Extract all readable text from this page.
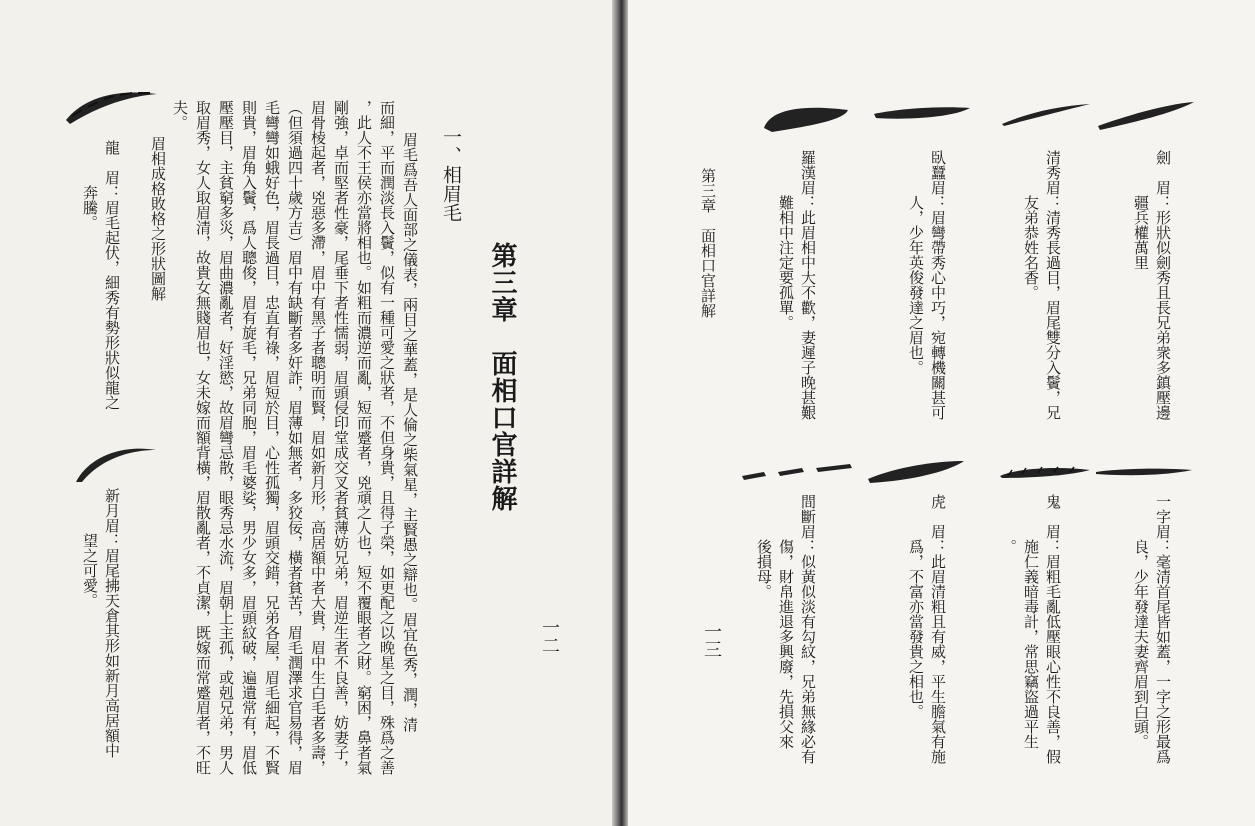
第三章　面相口官詳解
一、相眉毛
一二
眉毛爲吾人面部之儀表，兩目之華蓋，是人倫之柴氣星，主賢愚之辯也。眉宜色秀，潤，清
而細，平而潤淡長入鬢，似有一種可愛之狀者，不但身貴，且得子榮，如更配之以晚星之目，殊爲之善
，此人不王侯亦當將相也。如粗而濃逆而亂，短而蹙者，兇頑之人也，短不覆眼者之財。窮困，鼻者氣
剛強，卓而堅者性豪，尾垂下者性懦弱，眉頭侵印堂成交叉者貧薄妨兄弟，眉逆生者不良善，妨妻子，
眉骨棱起者，兇惡多滯，眉中有黑子者聰明而賢，眉如新月形，高居額中者大貴，眉中生白毛者多壽，
（但須過四十歲方吉）眉中有缺斷者多奸詐，眉薄如無者，多狡佞，橫者貧苦，眉毛潤澤求官易得，眉
毛彎彎如蛾好色，眉長過目，忠直有祿，眉短於目，心性孤獨，眉頭交錯，兄弟各屋，眉毛細起，不賢
則貴，眉角入鬢，爲人聰俊，眉有旋毛，兄弟同胞，眉毛婆娑，男少女多，眉頭紋破，遍遺常有，眉低
壓壓目，主貧窮多災，眉曲濃亂者，好淫慾，故眉彎忌散，眼秀忌水流，眉朝上主孤，或剋兄弟，男人
取眉秀，女人取眉清，故貴女無賤眉也，女未嫁而額背橫，眉散亂者，不貞潔，既嫁而常蹙眉者，不旺
夫。
眉相成格敗格之形狀圖解
龍　眉：眉毛起伏，細秀有勢形狀似龍之
　　　奔騰。
新月眉：眉尾拂天倉其形如新月高居額中
　　　望之可愛。
第三章　面相口官詳解
一三
劍　眉：形狀似劍秀且長兄弟衆多鎮壓邊
　　　疆兵權萬里
清秀眉：清秀長過目，眉尾雙分入鬢，兄
　　　友弟恭姓名香。
臥蠶眉：眉彎帶秀心中巧，宛轉機關甚可
　　　人，少年英俊發達之眉也。
羅漢眉：此眉相中大不歡，妻遲子晚甚艱
　　　難相中注定要孤單。
一字眉：毫清首尾皆如蓋，一字之形最爲
　　　良，少年發達夫妻齊眉到白頭。
鬼　眉：眉粗毛亂低壓眼心性不良善，假
　　　施仁義暗毒計，常思竊盜過平生
　　　。
虎　眉：此眉清粗且有威，平生膽氣有施
　　　爲，不富亦當發貴之相也。
間斷眉：似黃似淡有勾紋，兄弟無緣必有
　　　傷，財帛進退多興廢，先損父來
　　　後損母。
